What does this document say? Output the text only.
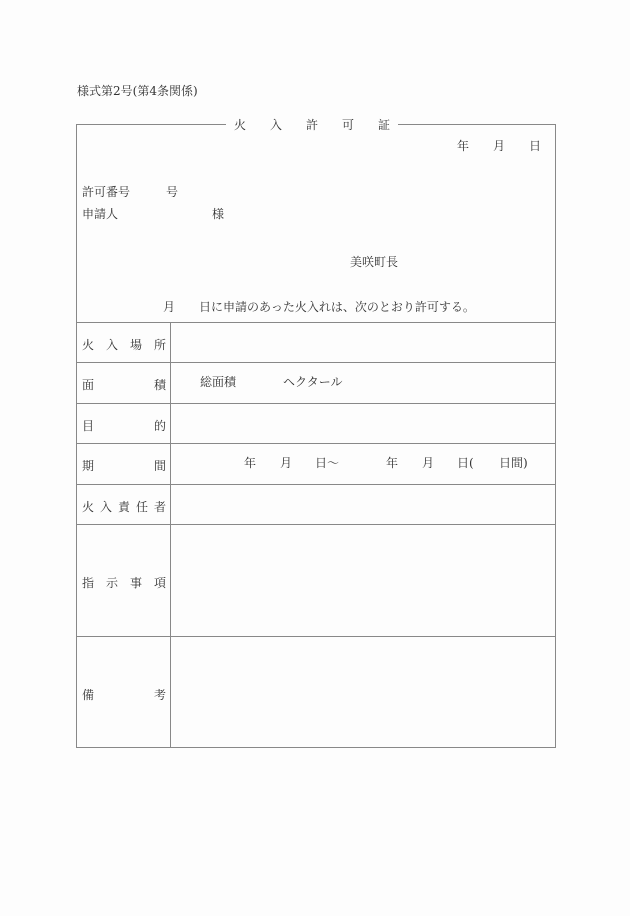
様式第2号(第4条関係)
火 入 許 可 証
年 月 日
許可番号	号
申請人	様
美咲町長
月 日に申請のあった火入れは、次のとおり許可する。
火 入 場 所
面	積	総面積	ヘクタール
目	的
期	間	年 月 日〜	年 月 日( 日間)
火 入 責 任 者
指 示 事 項
備	考
